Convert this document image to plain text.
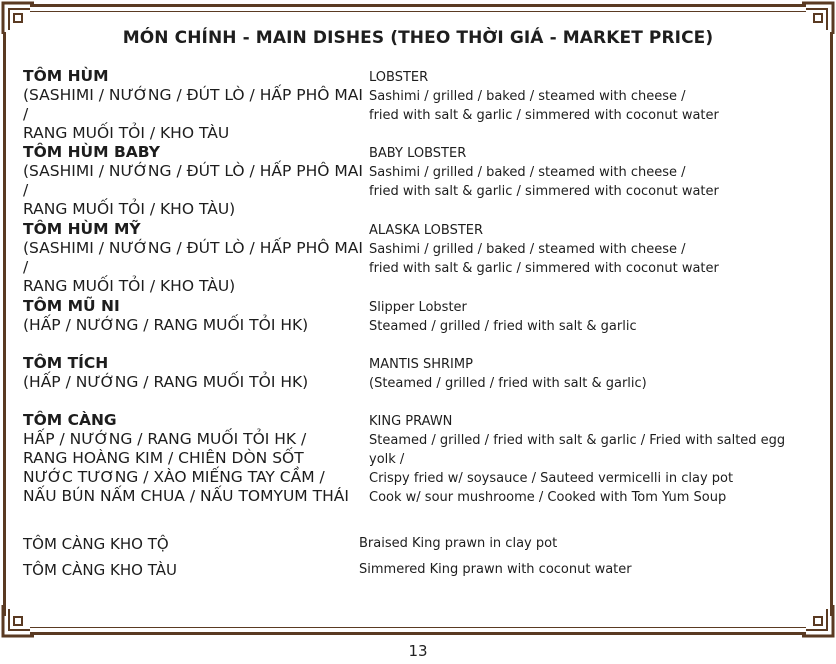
MÓN CHÍNH - MAIN DISHES (THEO THỜI GIÁ - MARKET PRICE)
TÔM HÙM
(SASHIMI / NƯỚNG / ĐÚT LÒ / HẤP PHÔ MAI /
RANG MUỐI TỎI / KHO TÀU
LOBSTER
Sashimi / grilled / baked / steamed with cheese /
fried with salt & garlic / simmered with coconut water
TÔM HÙM BABY
(SASHIMI / NƯỚNG / ĐÚT LÒ / HẤP PHÔ MAI /
RANG MUỐI TỎI / KHO TÀU)
BABY LOBSTER
Sashimi / grilled / baked / steamed with cheese /
fried with salt & garlic / simmered with coconut water
TÔM HÙM MỸ
(SASHIMI / NƯỚNG / ĐÚT LÒ / HẤP PHÔ MAI /
RANG MUỐI TỎI / KHO TÀU)
ALASKA LOBSTER
Sashimi / grilled / baked / steamed with cheese /
fried with salt & garlic / simmered with coconut water
TÔM MŨ NI
(HẤP / NƯỚNG / RANG MUỐI TỎI HK)
Slipper Lobster
Steamed / grilled / fried with salt & garlic
TÔM TÍCH
(HẤP / NƯỚNG / RANG MUỐI TỎI HK)
MANTIS SHRIMP
(Steamed / grilled / fried with salt & garlic)
TÔM CÀNG
HẤP / NƯỚNG / RANG MUỐI TỎI HK /
RANG HOÀNG KIM / CHIÊN DÒN SỐT
NƯỚC TƯƠNG / XÀO MIẾNG TAY CẦM /
NẤU BÚN NẤM CHUA / NẤU TOMYUM THÁI
KING PRAWN
Steamed / grilled / fried with salt & garlic / Fried with salted egg yolk /
Crispy fried w/ soysauce / Sauteed vermicelli in clay pot
Cook w/ sour mushroome / Cooked with Tom Yum Soup
TÔM CÀNG KHO TỘ	Braised King prawn in clay pot
TÔM CÀNG KHO TÀU	Simmered King prawn with coconut water
13
